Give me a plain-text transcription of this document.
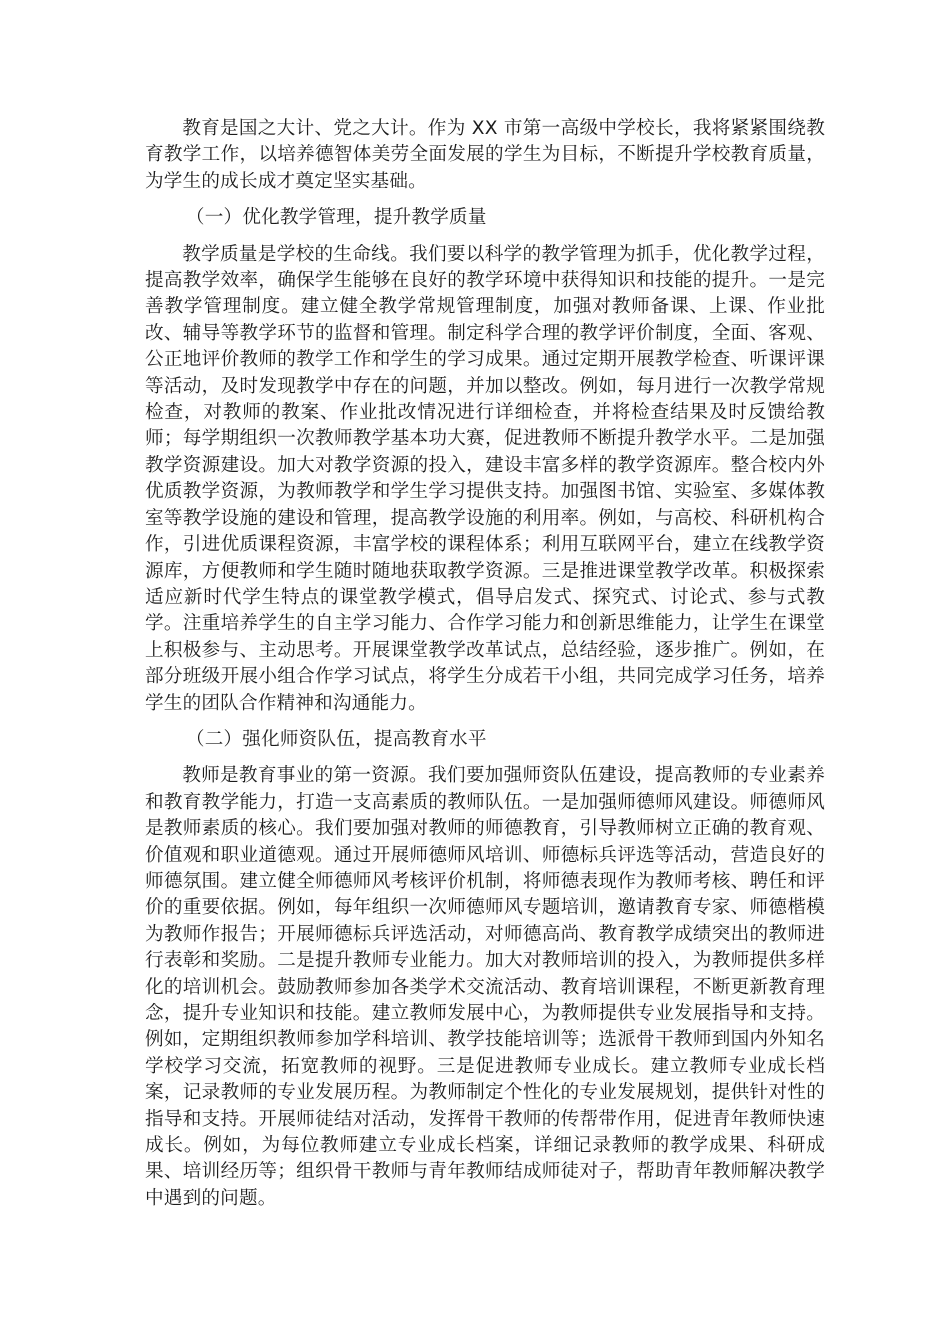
教育是国之大计、党之大计。作为 XX 市第一高级中学校长，我将紧紧围绕教育教学工作，以培养德智体美劳全面发展的学生为目标，不断提升学校教育质量，为学生的成长成才奠定坚实基础。

（一）优化教学管理，提升教学质量

教学质量是学校的生命线。我们要以科学的教学管理为抓手，优化教学过程，提高教学效率，确保学生能够在良好的教学环境中获得知识和技能的提升。一是完善教学管理制度。建立健全教学常规管理制度，加强对教师备课、上课、作业批改、辅导等教学环节的监督和管理。制定科学合理的教学评价制度，全面、客观、公正地评价教师的教学工作和学生的学习成果。通过定期开展教学检查、听课评课等活动，及时发现教学中存在的问题，并加以整改。例如，每月进行一次教学常规检查，对教师的教案、作业批改情况进行详细检查，并将检查结果及时反馈给教师；每学期组织一次教师教学基本功大赛，促进教师不断提升教学水平。二是加强教学资源建设。加大对教学资源的投入，建设丰富多样的教学资源库。整合校内外优质教学资源，为教师教学和学生学习提供支持。加强图书馆、实验室、多媒体教室等教学设施的建设和管理，提高教学设施的利用率。例如，与高校、科研机构合作，引进优质课程资源，丰富学校的课程体系；利用互联网平台，建立在线教学资源库，方便教师和学生随时随地获取教学资源。三是推进课堂教学改革。积极探索适应新时代学生特点的课堂教学模式，倡导启发式、探究式、讨论式、参与式教学。注重培养学生的自主学习能力、合作学习能力和创新思维能力，让学生在课堂上积极参与、主动思考。开展课堂教学改革试点，总结经验，逐步推广。例如，在部分班级开展小组合作学习试点，将学生分成若干小组，共同完成学习任务，培养学生的团队合作精神和沟通能力。

（二）强化师资队伍，提高教育水平

教师是教育事业的第一资源。我们要加强师资队伍建设，提高教师的专业素养和教育教学能力，打造一支高素质的教师队伍。一是加强师德师风建设。师德师风是教师素质的核心。我们要加强对教师的师德教育，引导教师树立正确的教育观、价值观和职业道德观。通过开展师德师风培训、师德标兵评选等活动，营造良好的师德氛围。建立健全师德师风考核评价机制，将师德表现作为教师考核、聘任和评价的重要依据。例如，每年组织一次师德师风专题培训，邀请教育专家、师德楷模为教师作报告；开展师德标兵评选活动，对师德高尚、教育教学成绩突出的教师进行表彰和奖励。二是提升教师专业能力。加大对教师培训的投入，为教师提供多样化的培训机会。鼓励教师参加各类学术交流活动、教育培训课程，不断更新教育理念，提升专业知识和技能。建立教师发展中心，为教师提供专业发展指导和支持。例如，定期组织教师参加学科培训、教学技能培训等；选派骨干教师到国内外知名学校学习交流，拓宽教师的视野。三是促进教师专业成长。建立教师专业成长档案，记录教师的专业发展历程。为教师制定个性化的专业发展规划，提供针对性的指导和支持。开展师徒结对活动，发挥骨干教师的传帮带作用，促进青年教师快速成长。例如，为每位教师建立专业成长档案，详细记录教师的教学成果、科研成果、培训经历等；组织骨干教师与青年教师结成师徒对子，帮助青年教师解决教学中遇到的问题。
